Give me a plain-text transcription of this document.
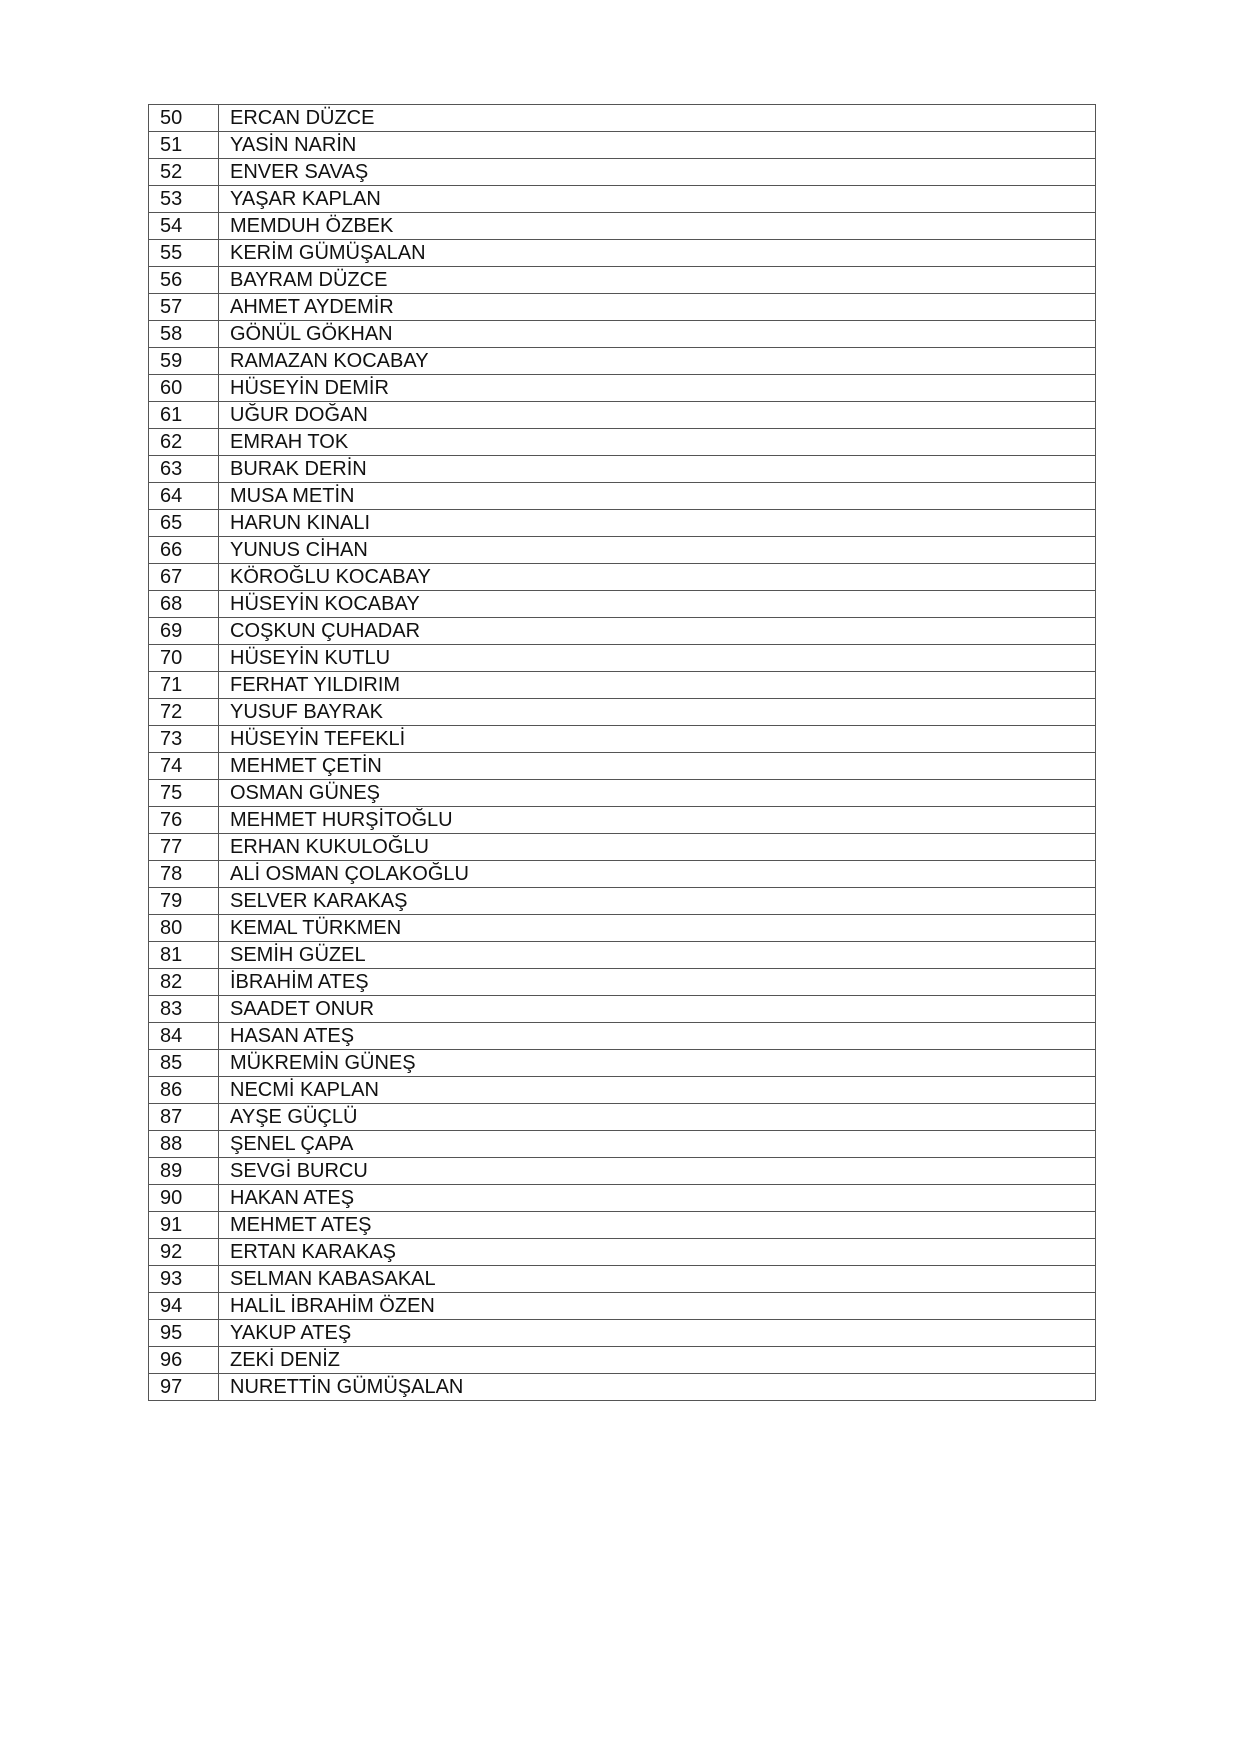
50	ERCAN DÜZCE
51	YASİN NARİN
52	ENVER SAVAŞ
53	YAŞAR KAPLAN
54	MEMDUH ÖZBEK
55	KERİM GÜMÜŞALAN
56	BAYRAM DÜZCE
57	AHMET AYDEMİR
58	GÖNÜL GÖKHAN
59	RAMAZAN KOCABAY
60	HÜSEYİN DEMİR
61	UĞUR DOĞAN
62	EMRAH TOK
63	BURAK DERİN
64	MUSA METİN
65	HARUN KINALI
66	YUNUS CİHAN
67	KÖROĞLU KOCABAY
68	HÜSEYİN KOCABAY
69	COŞKUN ÇUHADAR
70	HÜSEYİN KUTLU
71	FERHAT YILDIRIM
72	YUSUF BAYRAK
73	HÜSEYİN TEFEKLİ
74	MEHMET ÇETİN
75	OSMAN GÜNEŞ
76	MEHMET HURŞİTOĞLU
77	ERHAN KUKULOĞLU
78	ALİ OSMAN ÇOLAKOĞLU
79	SELVER KARAKAŞ
80	KEMAL TÜRKMEN
81	SEMİH GÜZEL
82	İBRAHİM ATEŞ
83	SAADET ONUR
84	HASAN ATEŞ
85	MÜKREMİN GÜNEŞ
86	NECMİ KAPLAN
87	AYŞE GÜÇLÜ
88	ŞENEL ÇAPA
89	SEVGİ BURCU
90	HAKAN ATEŞ
91	MEHMET ATEŞ
92	ERTAN KARAKAŞ
93	SELMAN KABASAKAL
94	HALİL İBRAHİM ÖZEN
95	YAKUP ATEŞ
96	ZEKİ DENİZ
97	NURETTİN GÜMÜŞALAN
